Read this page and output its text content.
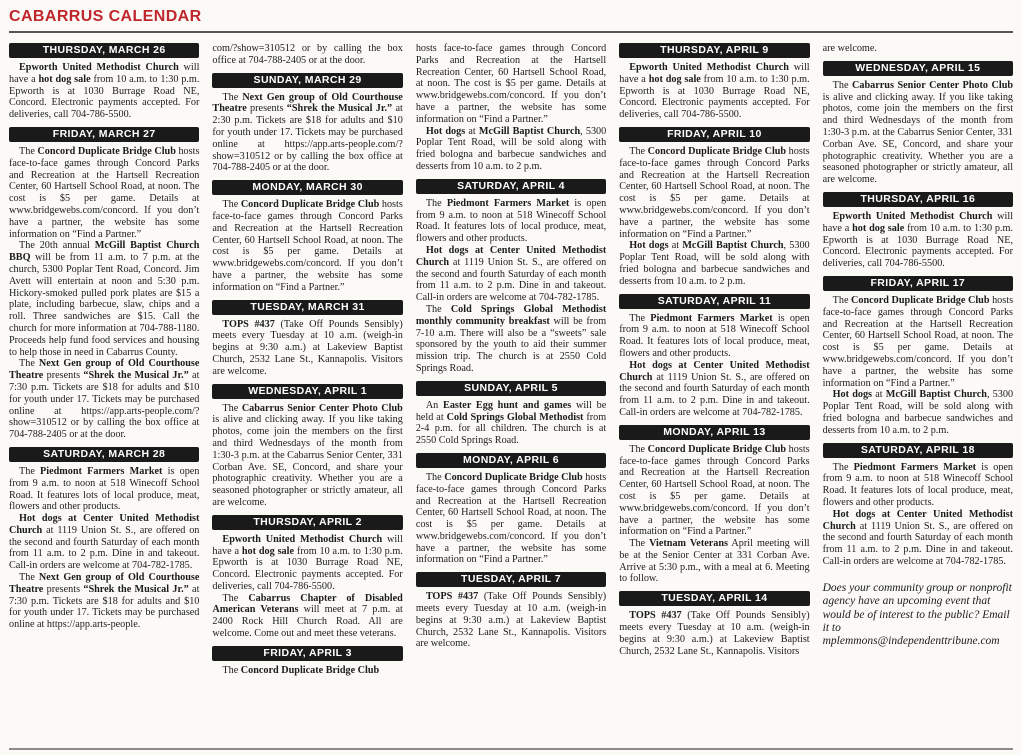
CABARRUS CALENDAR
THURSDAY, MARCH 26

Epworth United Methodist Church will have a hot dog sale from 10 a.m. to 1:30 p.m. Epworth is at 1030 Burrage Road NE, Concord. Electronic payments accepted. For deliveries, call 704-786-5500.

FRIDAY, MARCH 27

The Concord Duplicate Bridge Club hosts face-to-face games through Concord Parks and Recreation at the Hartsell Recreation Center, 60 Hartsell School Road, at noon. The cost is $5 per game. Details at www.bridgewebs.com/concord. If you don’t have a partner, the website has some information on “Find a Partner.”

The 20th annual McGill Baptist Church BBQ will be from 11 a.m. to 7 p.m. at the church, 5300 Poplar Tent Road, Concord. Jim Avett will entertain at noon and 5:30 p.m. Hickory-smoked pulled pork plates are $15 a plate, including barbecue, slaw, chips and a roll. Three sandwiches are $15. Call the church for more information at 704-788-1180. Proceeds help fund food services and housing to help those in need in Cabarrus County.

The Next Gen group of Old Courthouse Theatre presents “Shrek the Musical Jr.” at 7:30 p.m. Tickets are $18 for adults and $10 for youth under 17. Tickets may be purchased online at https://app.arts-people.com/?show=310512 or by calling the box office at 704-788-2405 or at the door.

SATURDAY, MARCH 28

The Piedmont Farmers Market is open from 9 a.m. to noon at 518 Winecoff School Road. It features lots of local produce, meat, flowers and other products.

Hot dogs at Center United Methodist Church at 1119 Union St. S., are offered on the second and fourth Saturday of each month from 11 a.m. to 2 p.m. Dine in and takeout. Call-in orders are welcome at 704-782-1785.

The Next Gen group of Old Courthouse Theatre presents “Shrek the Musical Jr.” at 7:30 p.m. Tickets are $18 for adults and $10 for youth under 17. Tickets may be purchased online at https://app.arts-people.

com/?show=310512 or by calling the box office at 704-788-2405 or at the door.

SUNDAY, MARCH 29

The Next Gen group of Old Courthouse Theatre presents “Shrek the Musical Jr.” at 2:30 p.m. Tickets are $18 for adults and $10 for youth under 17. Tickets may be purchased online at https://app.arts-people.com/?show=310512 or by calling the box office at 704-788-2405 or at the door.

MONDAY, MARCH 30

The Concord Duplicate Bridge Club hosts face-to-face games through Concord Parks and Recreation at the Hartsell Recreation Center, 60 Hartsell School Road, at noon. The cost is $5 per game. Details at www.bridgewebs.com/concord. If you don’t have a partner, the website has some information on “Find a Partner.”

TUESDAY, MARCH 31

TOPS #437 (Take Off Pounds Sensibly) meets every Tuesday at 10 a.m. (weigh-in begins at 9:30 a.m.) at Lakeview Baptist Church, 2532 Lane St., Kannapolis. Visitors are welcome.

WEDNESDAY, APRIL 1

The Cabarrus Senior Center Photo Club is alive and clicking away. If you like taking photos, come join the members on the first and third Wednesdays of the month from 1:30-3 p.m. at the Cabarrus Senior Center, 331 Corban Ave. SE, Concord, and share your photographic creativity. Whether you are a seasoned photographer or strictly amateur, all are welcome.

THURSDAY, APRIL 2

Epworth United Methodist Church will have a hot dog sale from 10 a.m. to 1:30 p.m. Epworth is at 1030 Burrage Road NE, Concord. Electronic payments accepted. For deliveries, call 704-786-5500.

The Cabarrus Chapter of Disabled American Veterans will meet at 7 p.m. at 2400 Rock Hill Church Road. All are welcome. Come out and meet these veterans.

FRIDAY, APRIL 3

The Concord Duplicate Bridge Club

hosts face-to-face games through Concord Parks and Recreation at the Hartsell Recreation Center, 60 Hartsell School Road, at noon. The cost is $5 per game. Details at www.bridgewebs.com/concord. If you don’t have a partner, the website has some information on “Find a Partner.”

Hot dogs at McGill Baptist Church, 5300 Poplar Tent Road, will be sold along with fried bologna and barbecue sandwiches and desserts from 10 a.m. to 2 p.m.

SATURDAY, APRIL 4

The Piedmont Farmers Market is open from 9 a.m. to noon at 518 Winecoff School Road. It features lots of local produce, meat, flowers and other products.

Hot dogs at Center United Methodist Church at 1119 Union St. S., are offered on the second and fourth Saturday of each month from 11 a.m. to 2 p.m. Dine in and takeout. Call-in orders are welcome at 704-782-1785.

The Cold Springs Global Methodist monthly community breakfast will be from 7-10 a.m. There will also be a “sweets” sale sponsored by the youth to aid their summer mission trip. The church is at 2550 Cold Springs Road.

SUNDAY, APRIL 5

An Easter Egg hunt and games will be held at Cold Springs Global Methodist from 2-4 p.m. for all children. The church is at 2550 Cold Springs Road.

MONDAY, APRIL 6

The Concord Duplicate Bridge Club hosts face-to-face games through Concord Parks and Recreation at the Hartsell Recreation Center, 60 Hartsell School Road, at noon. The cost is $5 per game. Details at www.bridgewebs.com/concord. If you don’t have a partner, the website has some information on “Find a Partner.”

TUESDAY, APRIL 7

TOPS #437 (Take Off Pounds Sensibly) meets every Tuesday at 10 a.m. (weigh-in begins at 9:30 a.m.) at Lakeview Baptist Church, 2532 Lane St., Kannapolis. Visitors are welcome.

THURSDAY, APRIL 9

Epworth United Methodist Church will have a hot dog sale from 10 a.m. to 1:30 p.m. Epworth is at 1030 Burrage Road NE, Concord. Electronic payments accepted. For deliveries, call 704-786-5500.

FRIDAY, APRIL 10

The Concord Duplicate Bridge Club hosts face-to-face games through Concord Parks and Recreation at the Hartsell Recreation Center, 60 Hartsell School Road, at noon. The cost is $5 per game. Details at www.bridgewebs.com/concord. If you don’t have a partner, the website has some information on “Find a Partner.”

Hot dogs at McGill Baptist Church, 5300 Poplar Tent Road, will be sold along with fried bologna and barbecue sandwiches and desserts from 10 a.m. to 2 p.m.

SATURDAY, APRIL 11

The Piedmont Farmers Market is open from 9 a.m. to noon at 518 Winecoff School Road. It features lots of local produce, meat, flowers and other products.

Hot dogs at Center United Methodist Church at 1119 Union St. S., are offered on the second and fourth Saturday of each month from 11 a.m. to 2 p.m. Dine in and takeout. Call-in orders are welcome at 704-782-1785.

MONDAY, APRIL 13

The Concord Duplicate Bridge Club hosts face-to-face games through Concord Parks and Recreation at the Hartsell Recreation Center, 60 Hartsell School Road, at noon. The cost is $5 per game. Details at www.bridgewebs.com/concord. If you don’t have a partner, the website has some information on “Find a Partner.”

The Vietnam Veterans April meeting will be at the Senior Center at 331 Corban Ave. Arrive at 5:30 p.m., with a meal at 6. Meeting to follow.

TUESDAY, APRIL 14

TOPS #437 (Take Off Pounds Sensibly) meets every Tuesday at 10 a.m. (weigh-in begins at 9:30 a.m.) at Lakeview Baptist Church, 2532 Lane St., Kannapolis. Visitors

are welcome.

WEDNESDAY, APRIL 15

The Cabarrus Senior Center Photo Club is alive and clicking away. If you like taking photos, come join the members on the first and third Wednesdays of the month from 1:30-3 p.m. at the Cabarrus Senior Center, 331 Corban Ave. SE, Concord, and share your photographic creativity. Whether you are a seasoned photographer or strictly amateur, all are welcome.

THURSDAY, APRIL 16

Epworth United Methodist Church will have a hot dog sale from 10 a.m. to 1:30 p.m. Epworth is at 1030 Burrage Road NE, Concord. Electronic payments accepted. For deliveries, call 704-786-5500.

FRIDAY, APRIL 17

The Concord Duplicate Bridge Club hosts face-to-face games through Concord Parks and Recreation at the Hartsell Recreation Center, 60 Hartsell School Road, at noon. The cost is $5 per game. Details at www.bridgewebs.com/concord. If you don’t have a partner, the website has some information on “Find a Partner.”

Hot dogs at McGill Baptist Church, 5300 Poplar Tent Road, will be sold along with fried bologna and barbecue sandwiches and desserts from 10 a.m. to 2 p.m.

SATURDAY, APRIL 18

The Piedmont Farmers Market is open from 9 a.m. to noon at 518 Winecoff School Road. It features lots of local produce, meat, flowers and other products.

Hot dogs at Center United Methodist Church at 1119 Union St. S., are offered on the second and fourth Saturday of each month from 11 a.m. to 2 p.m. Dine in and takeout. Call-in orders are welcome at 704-782-1785.

Does your community group or nonprofit agency have an upcoming event that would be of interest to the public? Email it to mplemmons@independenttribune.com
